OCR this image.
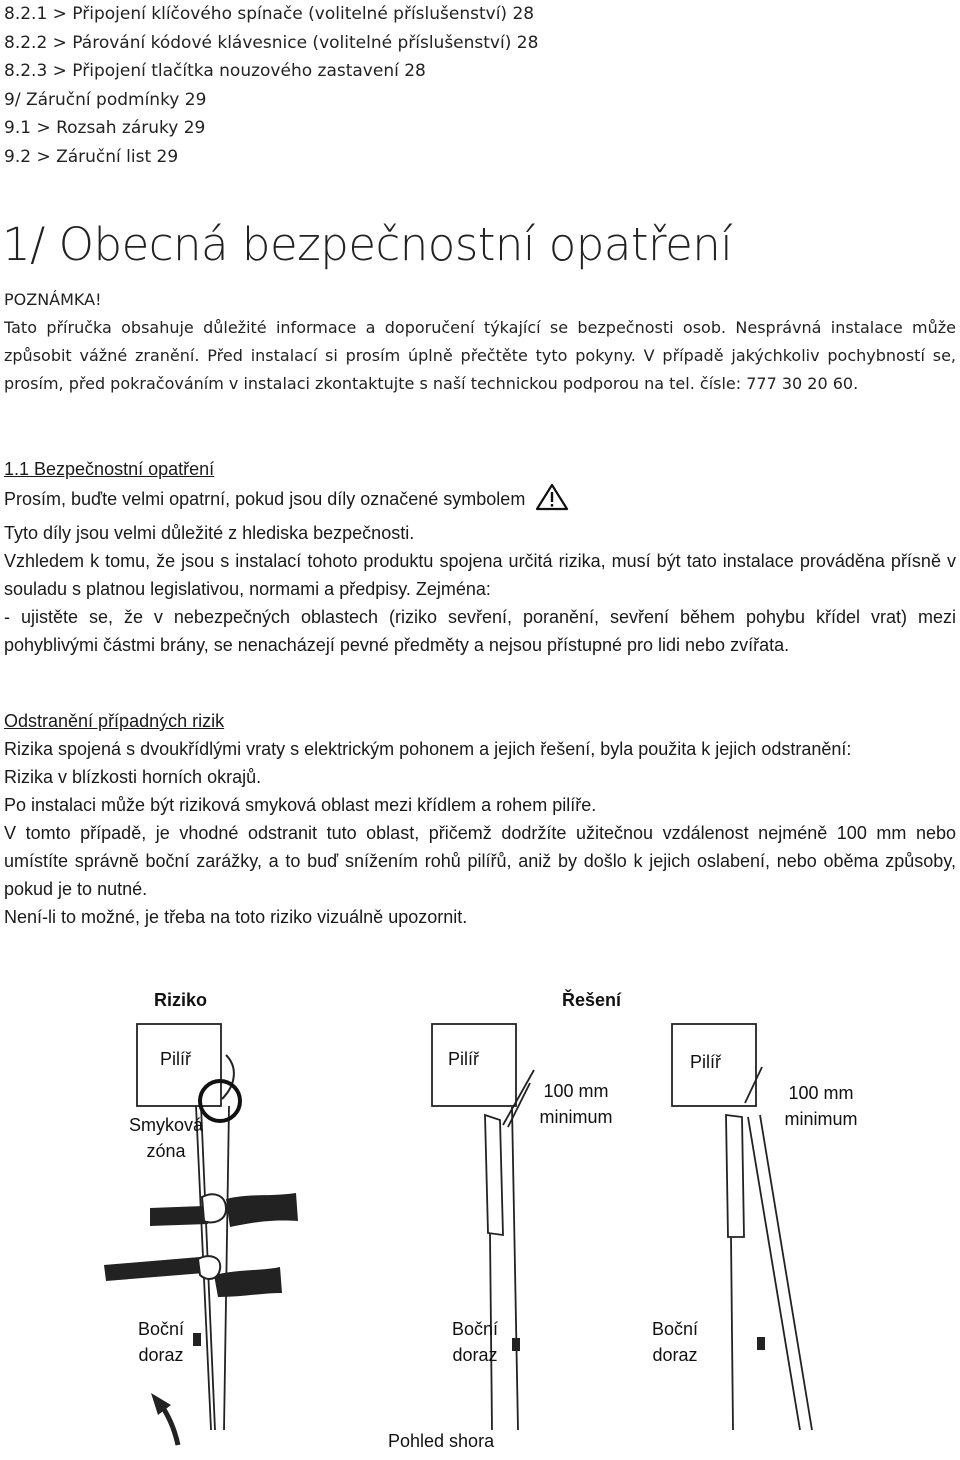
8.2.1 > Připojení klíčového spínače (volitelné příslušenství) 28
8.2.2 > Párování kódové klávesnice (volitelné příslušenství) 28
8.2.3 > Připojení tlačítka nouzového zastavení 28
9/ Záruční podmínky 29
9.1 > Rozsah záruky 29
9.2 > Záruční list 29
1/ Obecná bezpečnostní opatření

POZNÁMKA!

Tato příručka obsahuje důležité informace a doporučení týkající se bezpečnosti osob. Nesprávná instalace může způsobit vážné zranění. Před instalací si prosím úplně přečtěte tyto pokyny. V případě jakýchkoliv pochybností se, prosím, před pokračováním v instalaci zkontaktujte s naší technickou podporou na tel. čísle: 777 30 20 60.

1.1 Bezpečnostní opatření

Prosím, buďte velmi opatrní, pokud jsou díly označené symbolem

Tyto díly jsou velmi důležité z hlediska bezpečnosti.

Vzhledem k tomu, že jsou s instalací tohoto produktu spojena určitá rizika, musí být tato instalace prováděna přísně v souladu s platnou legislativou, normami a předpisy. Zejména:

- ujistěte se, že v nebezpečných oblastech (riziko sevření, poranění, sevření během pohybu křídel vrat) mezi pohyblivými částmi brány, se nenacházejí pevné předměty a nejsou přístupné pro lidi nebo zvířata.

Odstranění případných rizik

Rizika spojená s dvoukřídlými vraty s elektrickým pohonem a jejich řešení, byla použita k jejich odstranění:

Rizika v blízkosti horních okrajů.

Po instalaci může být riziková smyková oblast mezi křídlem a rohem pilíře.

V tomto případě, je vhodné odstranit tuto oblast, přičemž dodržíte užitečnou vzdálenost nejméně 100 mm nebo umístíte správně boční zarážky, a to buď snížením rohů pilířů, aniž by došlo k jejich oslabení, nebo oběma způsoby, pokud je to nutné.

Není-li to možné, je třeba na toto riziko vizuálně upozornit.

Riziko	Řešení
Pilíř	Pilíř	Pilíř
Smyková zóna
100 mm minimum
100 mm minimum
Boční doraz
Boční doraz
Boční doraz
Pohled shora
